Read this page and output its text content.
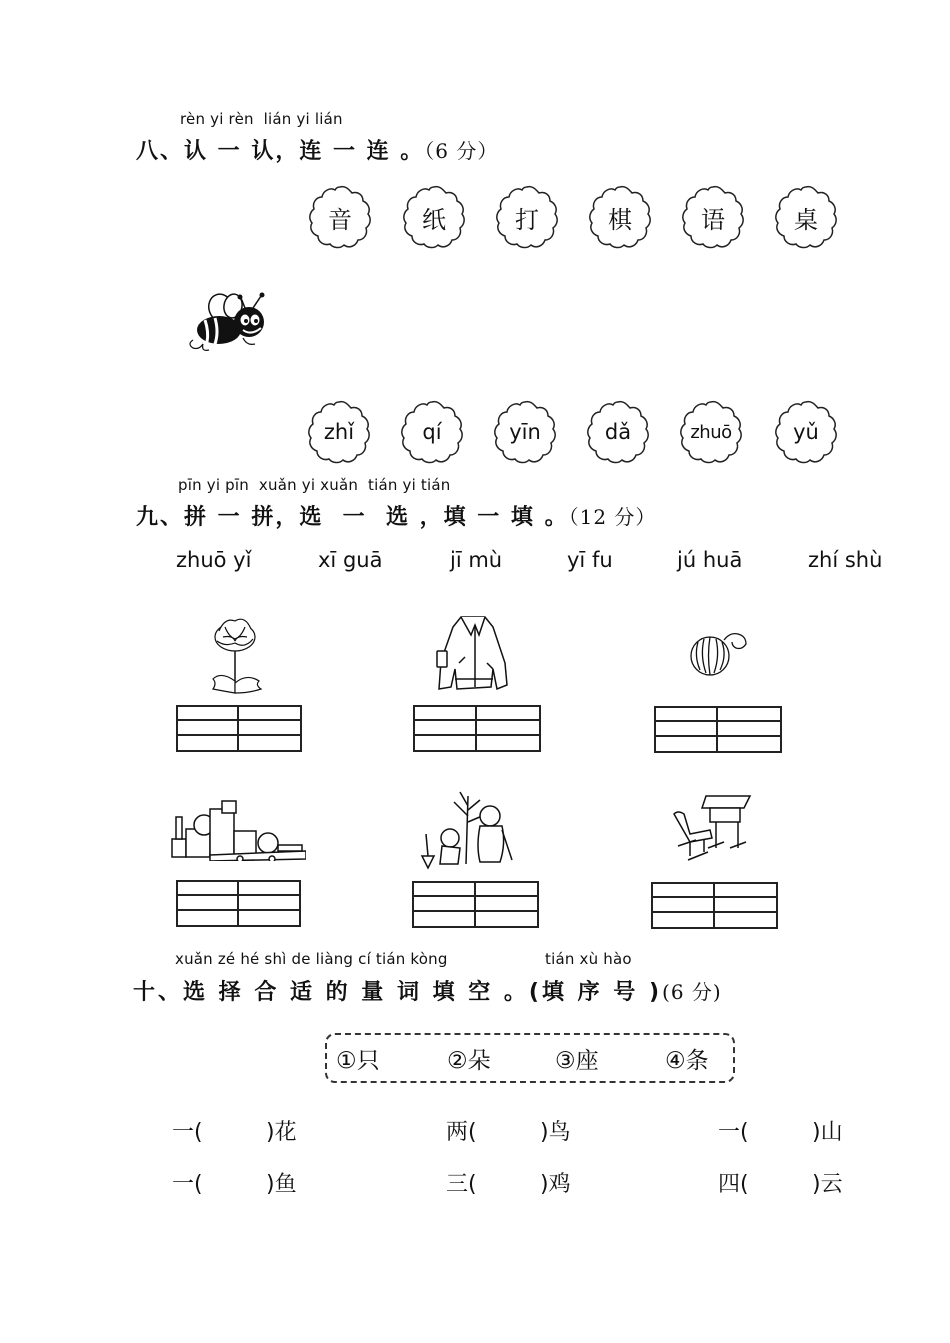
rèn yi rèn  lián yi lián
八、认 一 认，连 一 连 。（6 分）
音	纸	打	棋	语	桌
zhǐ	qí	yīn	dǎ	zhuō	yǔ
pīn yi pīn  xuǎn yi xuǎn  tián yi tián
九、拼 一 拼，选  一  选 ，填 一 填 。（12 分）
zhuō yǐ	xī guā	jī mù	yī fu	jú huā	zhí shù
xuǎn zé hé shì de liàng cí tián kòng	tián xù hào
十、选 择 合 适 的 量 词 填 空 。(填 序 号 )(6 分)
①只	②朵	③座	④条
一(	)花	两(	)鸟	一(	)山
一(	)鱼	三(	)鸡	四(	)云
